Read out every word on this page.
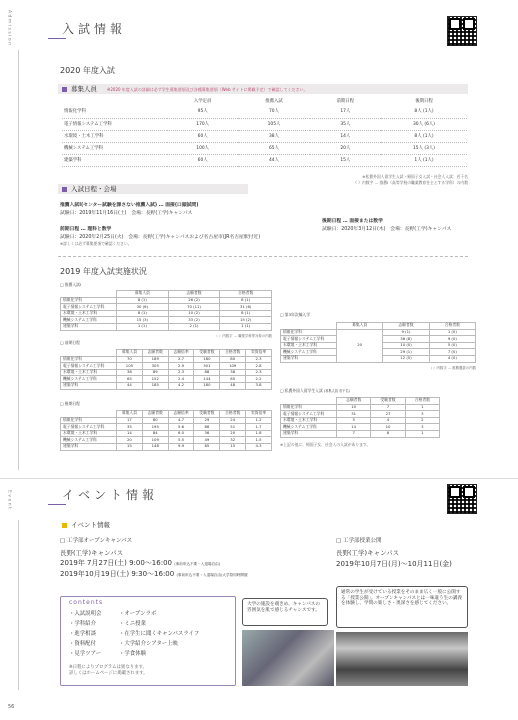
Admission	入試情報
2020 年度入試
募集人員	※2020 年度入試の詳細は必ず学生募集要項及び各種募集要項（Web サイトに掲載予定）で確認してください。
	入学定員	推薦入試	前期日程	後期日程
情報化学科	95人	70人	17人	8人 (1人)
電子情報システム工学科	170人	105人	35人	30人 (6人)
水環境・土木工学科	60人	38人	14人	8人 (1人)
機械システム工学科	100人	65人	20人	15人 (3人)
建築学科	60人	44人	15人	1人 (1人)
※私費外国人留学生入試・帰国子女入試・社会人入試：若干名
（ ）内数字 … 推薦Ⅰ（高等学校の職業教育を主とする学科）の内数
入試日程・会場
推薦入試Ⅰ(センター試験を課さない推薦入試) … 面接(口頭試問)
試験日：2019年11月16日(土)　会場：長野(工学)キャンパス
前期日程 … 理科と数学
試験日：2020年2月25日(火)　会場：長野(工学)キャンパスおよび名古屋市(JR名古屋駅付近)
※詳しくは必ず募集要項で確認ください。
後期日程 … 面接または数学
試験日：2020年3月12日(木)　会場：長野(工学)キャンパス
2019 年度入試実施状況
□ 推薦入試Ⅰ
	募集人員	志願者数	合格者数
情報化学科	8 (1)	26 (2)	8 (1)
電子情報システム工学科	30 (6)	70 (11)	31 (6)
水環境・土木工学科	8 (1)	10 (2)	8 (1)
機械システム工学科	15 (3)	33 (2)	15 (2)
建築学科	1 (1)	2 (1)	1 (1)
（ ）内数字 … 職業学科等対象の内数
□ 前期日程
	募集人員	志願者数	志願倍率	受験者数	合格者数	実質倍率
情報化学科	70	189	2.7	180	80	2.3
電子情報システム工学科	105	305	2.9	301	109	2.8
水環境・土木工学科	38	89	2.3	88	38	2.3
機械システム工学科	65	152	2.4	144	65	2.2
建築学科	44	185	4.2	180	48	3.8
□ 後期日程
	募集人員	志願者数	志願倍率	受験者数	合格者数	実質倍率
情報化学科	17	80	4.7	29	24	1.2
電子情報システム工学科	35	195	5.6	86	51	1.7
水環境・土木工学科	14	84	6.0	36	20	1.8
機械システム工学科	20	109	5.5	49	32	1.5
建築学科	15	148	9.9	65	15	4.3
□ 第3年次編入学
	募集人員	志願者数	合格者数
情報化学科	20	9 (1)	1 (0)
電子情報システム工学科		36 (8)	9 (0)
水環境・土木工学科		10 (0)	5 (0)
機械システム工学科		29 (1)	7 (0)
建築学科		12 (5)	4 (0)
（ ）内数字 … 推薦選抜の内数
□ 私費外国人留学生入試 (募集人員 若干名)
	志願者数	受験者数	合格者数
情報化学科	10	7	1
電子情報システム工学科	31	27	3
水環境・土木工学科	5	4	2
機械システム工学科	14	10	3
建築学科	7	6	1
※上記の他に、帰国子女、社会人の入試があります。
Event	イベント情報
イベント情報
□ 工学部オープンキャンパス
長野(工学)キャンパス
2019年 7月27日(土) 9:00〜16:00 (事前申込不要・入退場自由)
2019年10月19日(土) 9:30〜16:00 (事前申込不要・入退場自由)大学祭同時開催
□ 工学部授業公開
長野(工学)キャンパス
2019年10月7日(月)〜10月11日(金)
通常の学生が受けている授業をそのまま広く一般に公開する「授業公開」。オープンキャンパスとは一味違う生の講義を体験し、学問の楽しさ・奥深さを感じてください。
contents
・入試説明会
・学科紹介
・進学相談
・資料配付
・見学ツアー
・オープンラボ
・ミニ授業
・在学生に聞くキャンパスライフ
・大学紹介シアター上映
・学食体験
※日程によりプログラムは異なります。
詳しくはホームページに掲載されます。
大学の施設を覗きめ、キャンパスの雰囲気を肌で感じるチャンスです。
56
